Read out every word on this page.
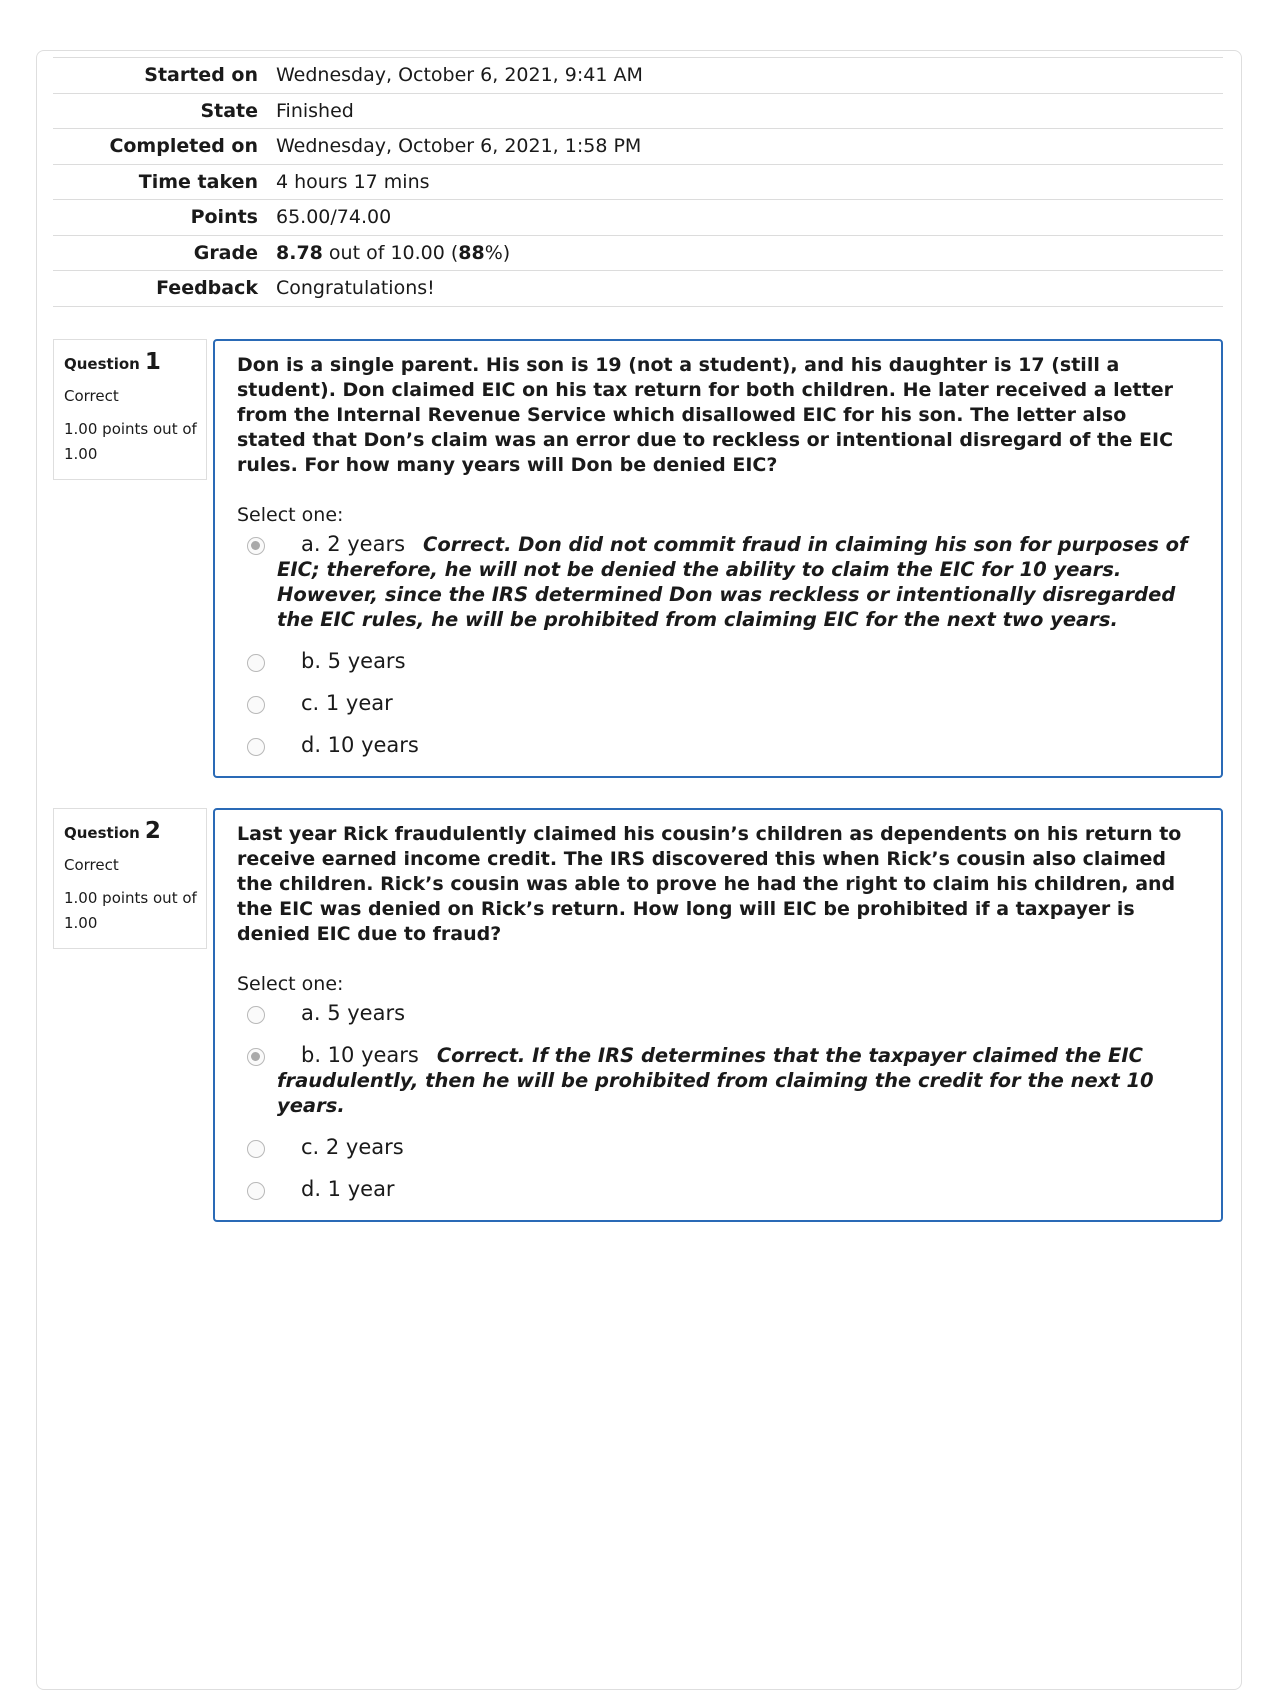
Started on	Wednesday, October 6, 2021, 9:41 AM
State	Finished
Completed on	Wednesday, October 6, 2021, 1:58 PM
Time taken	4 hours 17 mins
Points	65.00/74.00
Grade	8.78 out of 10.00 (88%)
Feedback	Congratulations!
Question 1
Correct
1.00 points out of 1.00

Don is a single parent. His son is 19 (not a student), and his daughter is 17 (still a student). Don claimed EIC on his tax return for both children. He later received a letter from the Internal Revenue Service which disallowed EIC for his son. The letter also stated that Don’s claim was an error due to reckless or intentional disregard of the EIC rules. For how many years will Don be denied EIC?

Select one:
a. 2 years Correct. Don did not commit fraud in claiming his son for purposes of EIC; therefore, he will not be denied the ability to claim the EIC for 10 years. However, since the IRS determined Don was reckless or intentionally disregarded the EIC rules, he will be prohibited from claiming EIC for the next two years.
b. 5 years
c. 1 year
d. 10 years
Question 2
Correct
1.00 points out of 1.00

Last year Rick fraudulently claimed his cousin’s children as dependents on his return to receive earned income credit. The IRS discovered this when Rick’s cousin also claimed the children. Rick’s cousin was able to prove he had the right to claim his children, and the EIC was denied on Rick’s return. How long will EIC be prohibited if a taxpayer is denied EIC due to fraud?

Select one:
a. 5 years
b. 10 years Correct. If the IRS determines that the taxpayer claimed the EIC fraudulently, then he will be prohibited from claiming the credit for the next 10 years.
c. 2 years
d. 1 year
